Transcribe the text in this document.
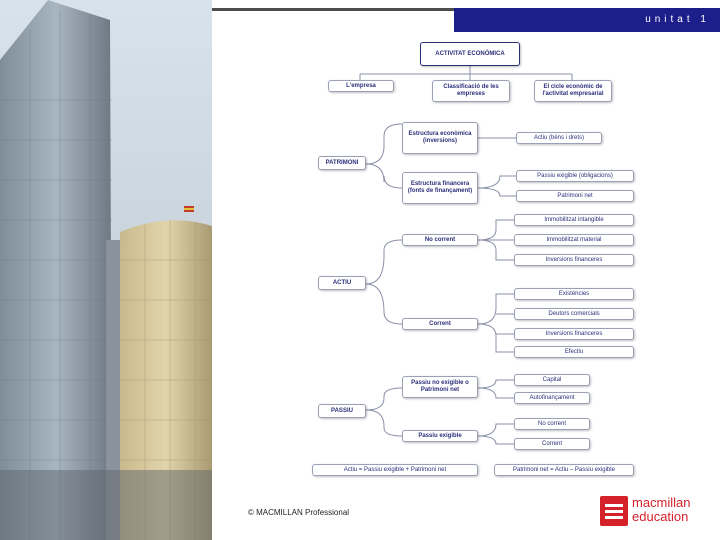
unitat 1
ACTIVITAT ECONÒMICA
L'empresa	Classificació de les empreses
El cicle econòmic de l'activitat empresarial
PATRIMONI
Estructura econòmica (inversions)
Estructura financera (fonts de finançament)
Actiu (béns i drets)
Passiu exigible (obligacions)
Patrimoni net
ACTIU
No corrent
Corrent
Immobilitzat intangible
Immobilitzat material
Inversions financeres
Existències
Deutors comercials
Inversions financeres
Efectiu
PASSIU
Passiu no exigible o Patrimoni net
Passiu exigible
Capital
Autofinançament
No corrent
Corrent
Actiu = Passiu exigible + Patrimoni net	Patrimoni net = Actiu – Passiu exigible
© MACMILLAN Professional
macmillan
education
